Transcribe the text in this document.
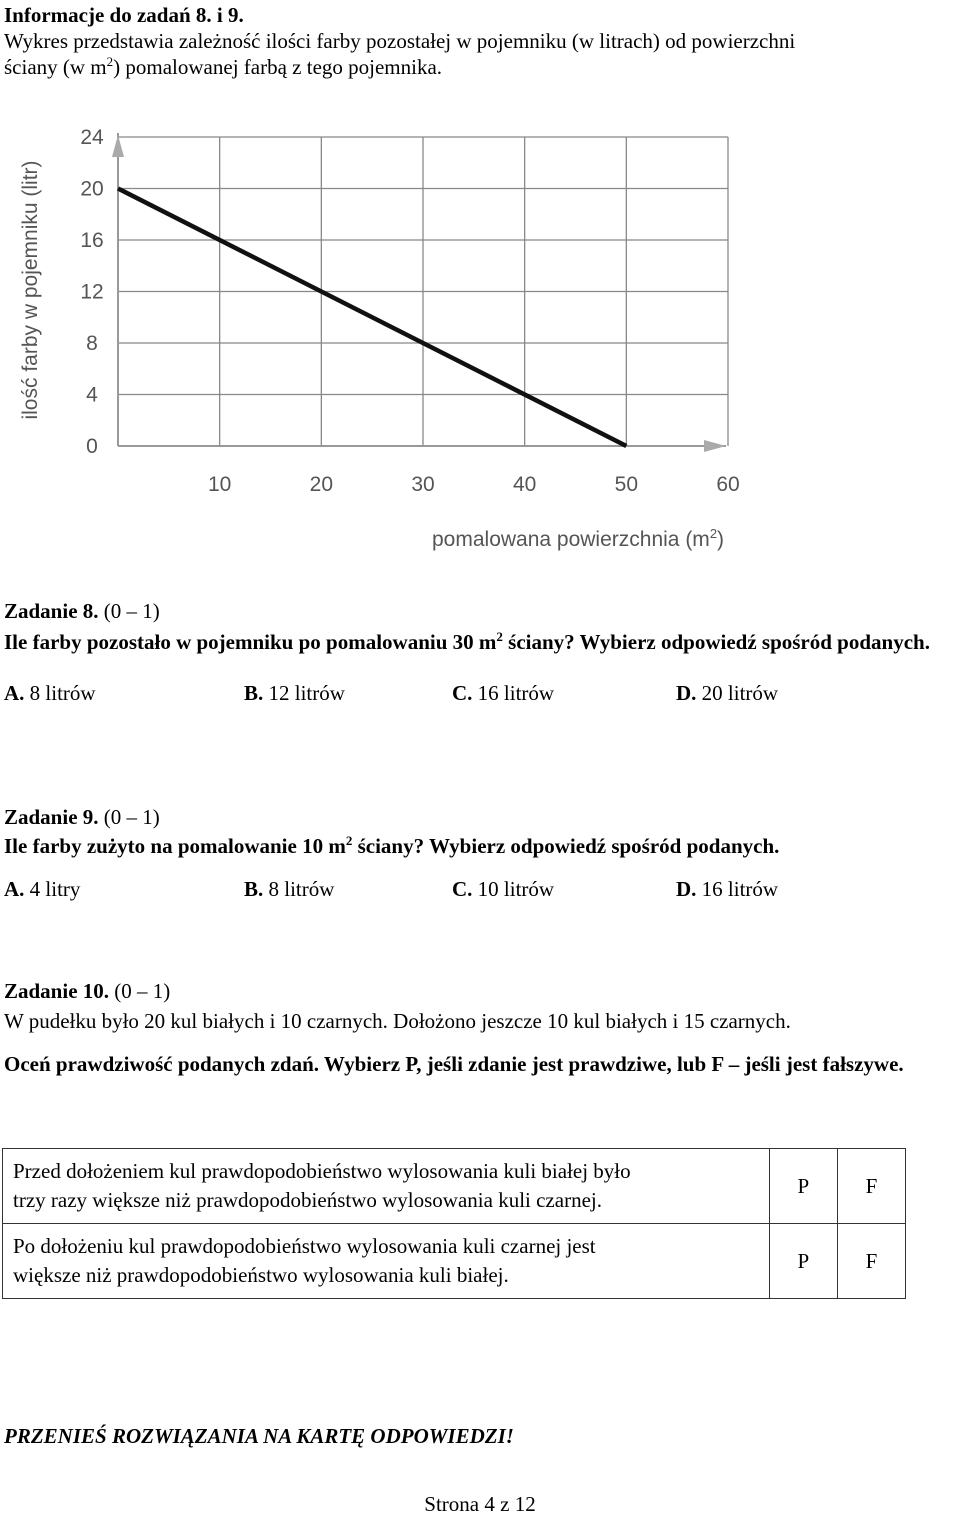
Informacje do zadań 8. i 9.
Wykres przedstawia zależność ilości farby pozostałej w pojemniku (w litrach) od powierzchni
ściany (w $m^2$) pomalowanej farbą z tego pojemnika.
0
4
8
12
16
20
24
10	20	30	40	50	60
ilość farby w pojemniku (litr)
pomalowana powierzchnia $(m^2)$
Zadanie 8. (0 – 1)
Ile farby pozostało w pojemniku po pomalowaniu 30 $m^2$ ściany? Wybierz odpowiedź spośród podanych.
A. 8 litrów	B. 12 litrów	C. 16 litrów	D. 20 litrów
Zadanie 9. (0 – 1)
Ile farby zużyto na pomalowanie 10 $m^2$ ściany? Wybierz odpowiedź spośród podanych.
A. 4 litry	B. 8 litrów	C. 10 litrów	D. 16 litrów
Zadanie 10. (0 – 1)
W pudełku było 20 kul białych i 10 czarnych. Dołożono jeszcze 10 kul białych i 15 czarnych.
Oceń prawdziwość podanych zdań. Wybierz P, jeśli zdanie jest prawdziwe, lub F – jeśli jest fałszywe.
Przed dołożeniem kul prawdopodobieństwo wylosowania kuli białej było
trzy razy większe niż prawdopodobieństwo wylosowania kuli czarnej.	P	F
Po dołożeniu kul prawdopodobieństwo wylosowania kuli czarnej jest
większe niż prawdopodobieństwo wylosowania kuli białej.	P	F
PRZENIEŚ ROZWIĄZANIA NA KARTĘ ODPOWIEDZI!
Strona 4 z 12
